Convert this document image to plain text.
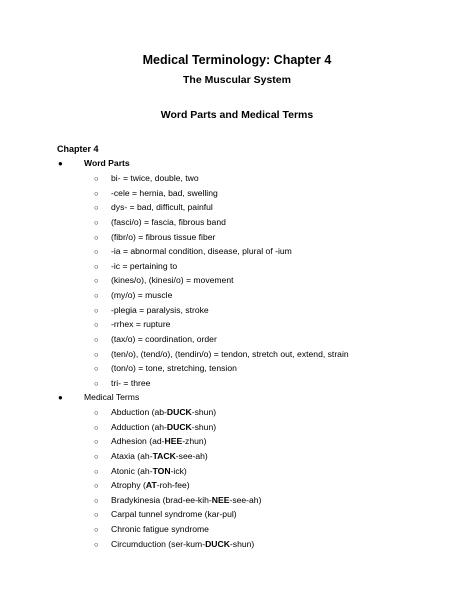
Medical Terminology: Chapter 4
The Muscular System
Word Parts and Medical Terms
Chapter 4
● Word Parts
○ bi- = twice, double, two
○ -cele = hernia, bad, swelling
○ dys- = bad, difficult, painful
○ (fasci/o) = fascia, fibrous band
○ (fibr/o) = fibrous tissue fiber
○ -ia = abnormal condition, disease, plural of -ium
○ -ic = pertaining to
○ (kines/o), (kinesi/o) = movement
○ (my/o) = muscle
○ -plegia = paralysis, stroke
○ -rrhex = rupture
○ (tax/o) = coordination, order
○ (ten/o), (tend/o), (tendin/o) = tendon, stretch out, extend, strain
○ (ton/o) = tone, stretching, tension
○ tri- = three
● Medical Terms
○ Abduction (ab-DUCK-shun)
○ Adduction (ah-DUCK-shun)
○ Adhesion (ad-HEE-zhun)
○ Ataxia (ah-TACK-see-ah)
○ Atonic (ah-TON-ick)
○ Atrophy (AT-roh-fee)
○ Bradykinesia (brad-ee-kih-NEE-see-ah)
○ Carpal tunnel syndrome (kar-pul)
○ Chronic fatigue syndrome
○ Circumduction (ser-kum-DUCK-shun)
